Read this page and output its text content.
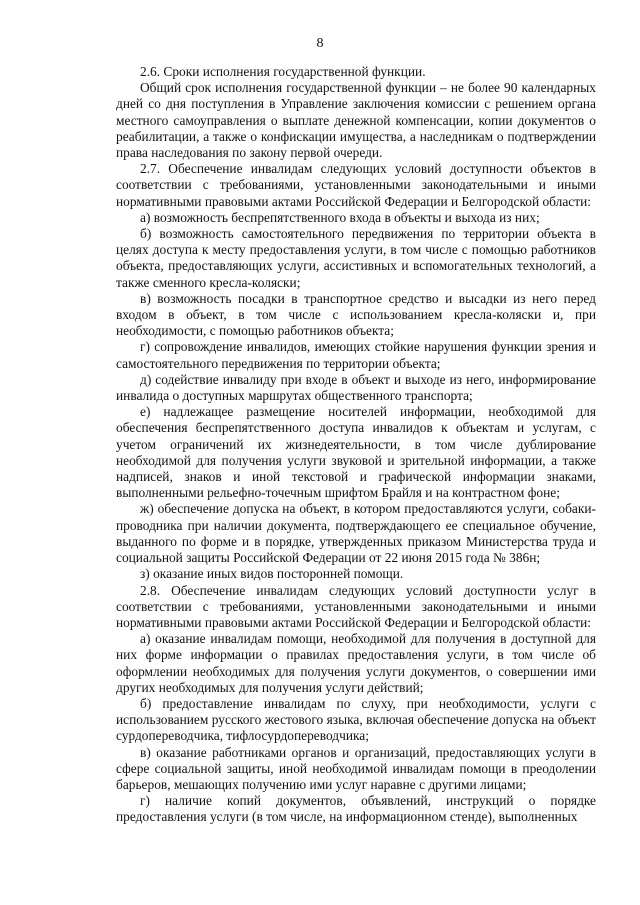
8

2.6. Сроки исполнения государственной функции.

Общий срок исполнения государственной функции – не более 90 календарных дней со дня поступления в Управление заключения комиссии с решением органа местного самоуправления о выплате денежной компенсации, копии документов о реабилитации, а также о конфискации имущества, а наследникам о подтверждении права наследования по закону первой очереди.

2.7. Обеспечение инвалидам следующих условий доступности объектов в соответствии с требованиями, установленными законодательными и иными нормативными правовыми актами Российской Федерации и Белгородской области:

а) возможность беспрепятственного входа в объекты и выхода из них;

б) возможность самостоятельного передвижения по территории объекта в целях доступа к месту предоставления услуги, в том числе с помощью работников объекта, предоставляющих услуги, ассистивных и вспомогательных технологий, а также сменного кресла-коляски;

в) возможность посадки в транспортное средство и высадки из него перед входом в объект, в том числе с использованием кресла-коляски и, при необходимости, с помощью работников объекта;

г) сопровождение инвалидов, имеющих стойкие нарушения функции зрения и самостоятельного передвижения по территории объекта;

д) содействие инвалиду при входе в объект и выходе из него, информирование инвалида о доступных маршрутах общественного транспорта;

е) надлежащее размещение носителей информации, необходимой для обеспечения беспрепятственного доступа инвалидов к объектам и услугам, с учетом ограничений их жизнедеятельности, в том числе дублирование необходимой для получения услуги звуковой и зрительной информации, а также надписей, знаков и иной текстовой и графической информации знаками, выполненными рельефно-точечным шрифтом Брайля и на контрастном фоне;

ж) обеспечение допуска на объект, в котором предоставляются услуги, собаки-проводника при наличии документа, подтверждающего ее специальное обучение, выданного по форме и в порядке, утвержденных приказом Министерства труда и социальной защиты Российской Федерации от 22 июня 2015 года № 386н;

з) оказание иных видов посторонней помощи.

2.8. Обеспечение инвалидам следующих условий доступности услуг в соответствии с требованиями, установленными законодательными и иными нормативными правовыми актами Российской Федерации и Белгородской области:

а) оказание инвалидам помощи, необходимой для получения в доступной для них форме информации о правилах предоставления услуги, в том числе об оформлении необходимых для получения услуги документов, о совершении ими других необходимых для получения услуги действий;

б) предоставление инвалидам по слуху, при необходимости, услуги с использованием русского жестового языка, включая обеспечение допуска на объект сурдопереводчика, тифлосурдопереводчика;

в) оказание работниками органов и организаций, предоставляющих услуги в сфере социальной защиты, иной необходимой инвалидам помощи в преодолении барьеров, мешающих получению ими услуг наравне с другими лицами;

г) наличие копий документов, объявлений, инструкций о порядке предоставления услуги (в том числе, на информационном стенде), выполненных
